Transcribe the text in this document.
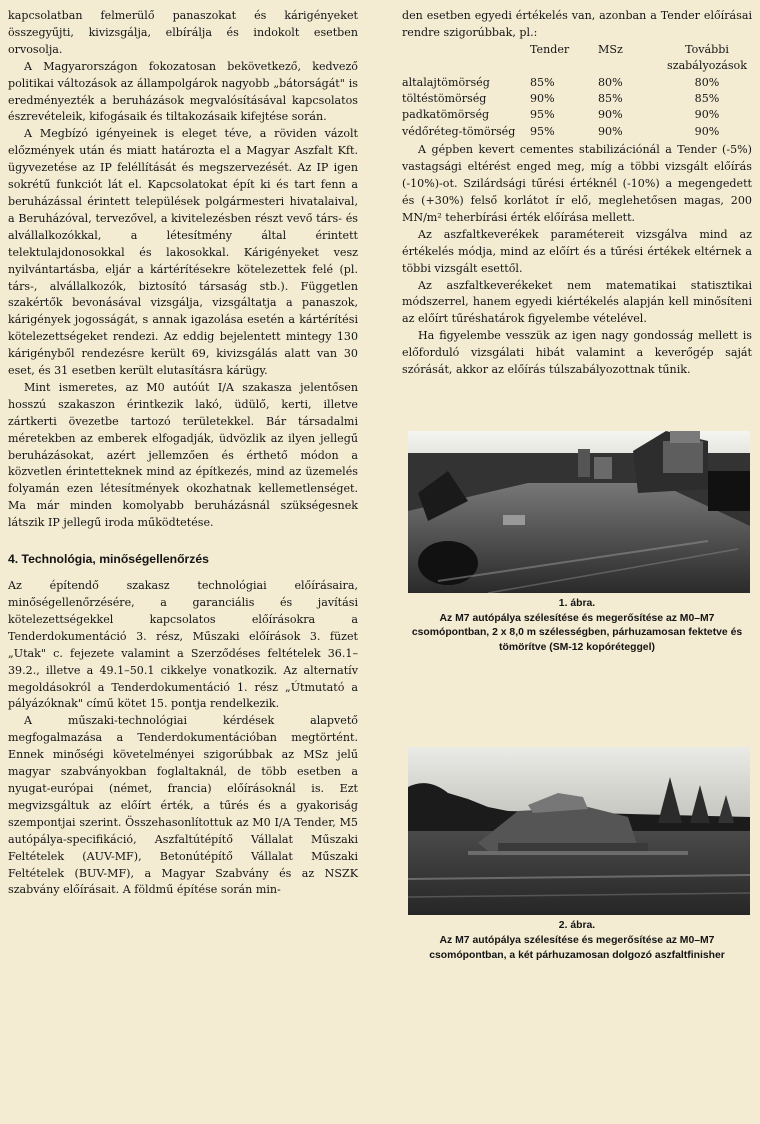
kapcsolatban felmerülő panaszokat és kárigényeket összegyűjti, kivizsgálja, elbírálja és indokolt esetben orvosolja.

A Magyarországon fokozatosan bekövetkező, kedvező politikai változások az állampolgárok nagyobb „bátorságát" is eredményezték a beruházások megvalósításával kapcsolatos észrevételeik, kifogásaik és tiltakozásaik kifejtése során.

A Megbízó igényeinek is eleget téve, a röviden vázolt előzmények után és miatt határozta el a Magyar Aszfalt Kft. ügyvezetése az IP feléllítását és megszervezését. Az IP igen sokrétű funkciót lát el. Kapcsolatokat épít ki és tart fenn a beruházással érintett települések polgármesteri hivatalaival, a Beruházóval, tervezővel, a kivitelezésben részt vevő társ- és alvállalkozókkal, a létesítmény által érintett telektulajdonosokkal és lakosokkal. Kárigényeket vesz nyilvántartásba, eljár a kártérítésekre kötelezettek felé (pl. társ-, alvállalkozók, biztosító társaság stb.). Független szakértők bevonásával vizsgálja, vizsgáltatja a panaszok, kárigények jogosságát, s annak igazolása esetén a kártérítési kötelezettségeket rendezi. Az eddig bejelentett mintegy 130 kárigényből rendezésre került 69, kivizsgálás alatt van 30 eset, és 31 esetben került elutasításra kárügy.

Mint ismeretes, az M0 autóút I/A szakasza jelentősen hosszú szakaszon érintkezik lakó, üdülő, kerti, illetve zártkerti övezetbe tartozó területekkel. Bár társadalmi méretekben az emberek elfogadják, üdvözlik az ilyen jellegű beruházásokat, azért jellemzően és érthető módon a közvetlen érintetteknek mind az építkezés, mind az üzemelés folyamán ezen létesítmények okozhatnak kellemetlenséget. Ma már minden komolyabb beruházásnál szükségesnek látszik IP jellegű iroda működtetése.

4. Technológia, minőségellenőrzés

Az építendő szakasz technológiai előírásaira, minőségellenőrzésére, a garanciális és javítási kötelezettségekkel kapcsolatos előírásokra a Tenderdokumentáció 3. rész, Műszaki előírások 3. füzet „Utak" c. fejezete valamint a Szerződéses feltételek 36.1–39.2., illetve a 49.1–50.1 cikkelye vonatkozik. Az alternatív megoldásokról a Tenderdokumentáció 1. rész „Útmutató a pályázóknak" című kötet 15. pontja rendelkezik.

A műszaki-technológiai kérdések alapvető megfogalmazása a Tenderdokumentációban megtörtént. Ennek minőségi követelményei szigorúbbak az MSz jelű magyar szabványokban foglaltaknál, de több esetben a nyugat-európai (német, francia) előírásoknál is. Ezt megvizsgáltuk az előírt érték, a tűrés és a gyakoriság szempontjai szerint. Összehasonlítottuk az M0 I/A Tender, M5 autópálya-specifikáció, Aszfaltútépítő Vállalat Műszaki Feltételek (AUV-MF), Betonútépítő Vállalat Műszaki Feltételek (BUV-MF), a Magyar Szabvány és az NSZK szabvány előírásait. A földmű építése során min-

den esetben egyedi értékelés van, azonban a Tender előírásai rendre szigorúbbak, pl.:

	Tender	MSz	További szabályozások
altalajtömörség	85%	80%	80%
töltéstömörség	90%	85%	85%
padkatömörség	95%	90%	90%
védőréteg-tömörség	95%	90%	90%

A gépben kevert cementes stabilizációnál a Tender (-5%) vastagsági eltérést enged meg, míg a többi vizsgált előírás (-10%)-ot. Szilárdsági tűrési értéknél (-10%) a megengedett és (+30%) felső korlátot ír elő, meglehetősen magas, 200 MN/m² teherbírási érték előírása mellett.

Az aszfaltkeverékek paramétereit vizsgálva mind az értékelés módja, mind az előírt és a tűrési értékek eltérnek a többi vizsgált esettől.

Az aszfaltkeverékeket nem matematikai statisztikai módszerrel, hanem egyedi kiértékelés alapján kell minősíteni az előírt tűréshatárok figyelembe vételével.

Ha figyelembe vesszük az igen nagy gondosság mellett is előforduló vizsgálati hibát valamint a keverőgép saját szórását, akkor az előírás túlszabályozottnak tűnik.

1. ábra.
Az M7 autópálya szélesítése és megerősítése az M0–M7 csomópontban, 2 x 8,0 m szélességben, párhuzamosan fektetve és tömörítve (SM-12 kopóréteggel)
2. ábra.
Az M7 autópálya szélesítése és megerősítése az M0–M7 csomópontban, a két párhuzamosan dolgozó aszfaltfinisher
